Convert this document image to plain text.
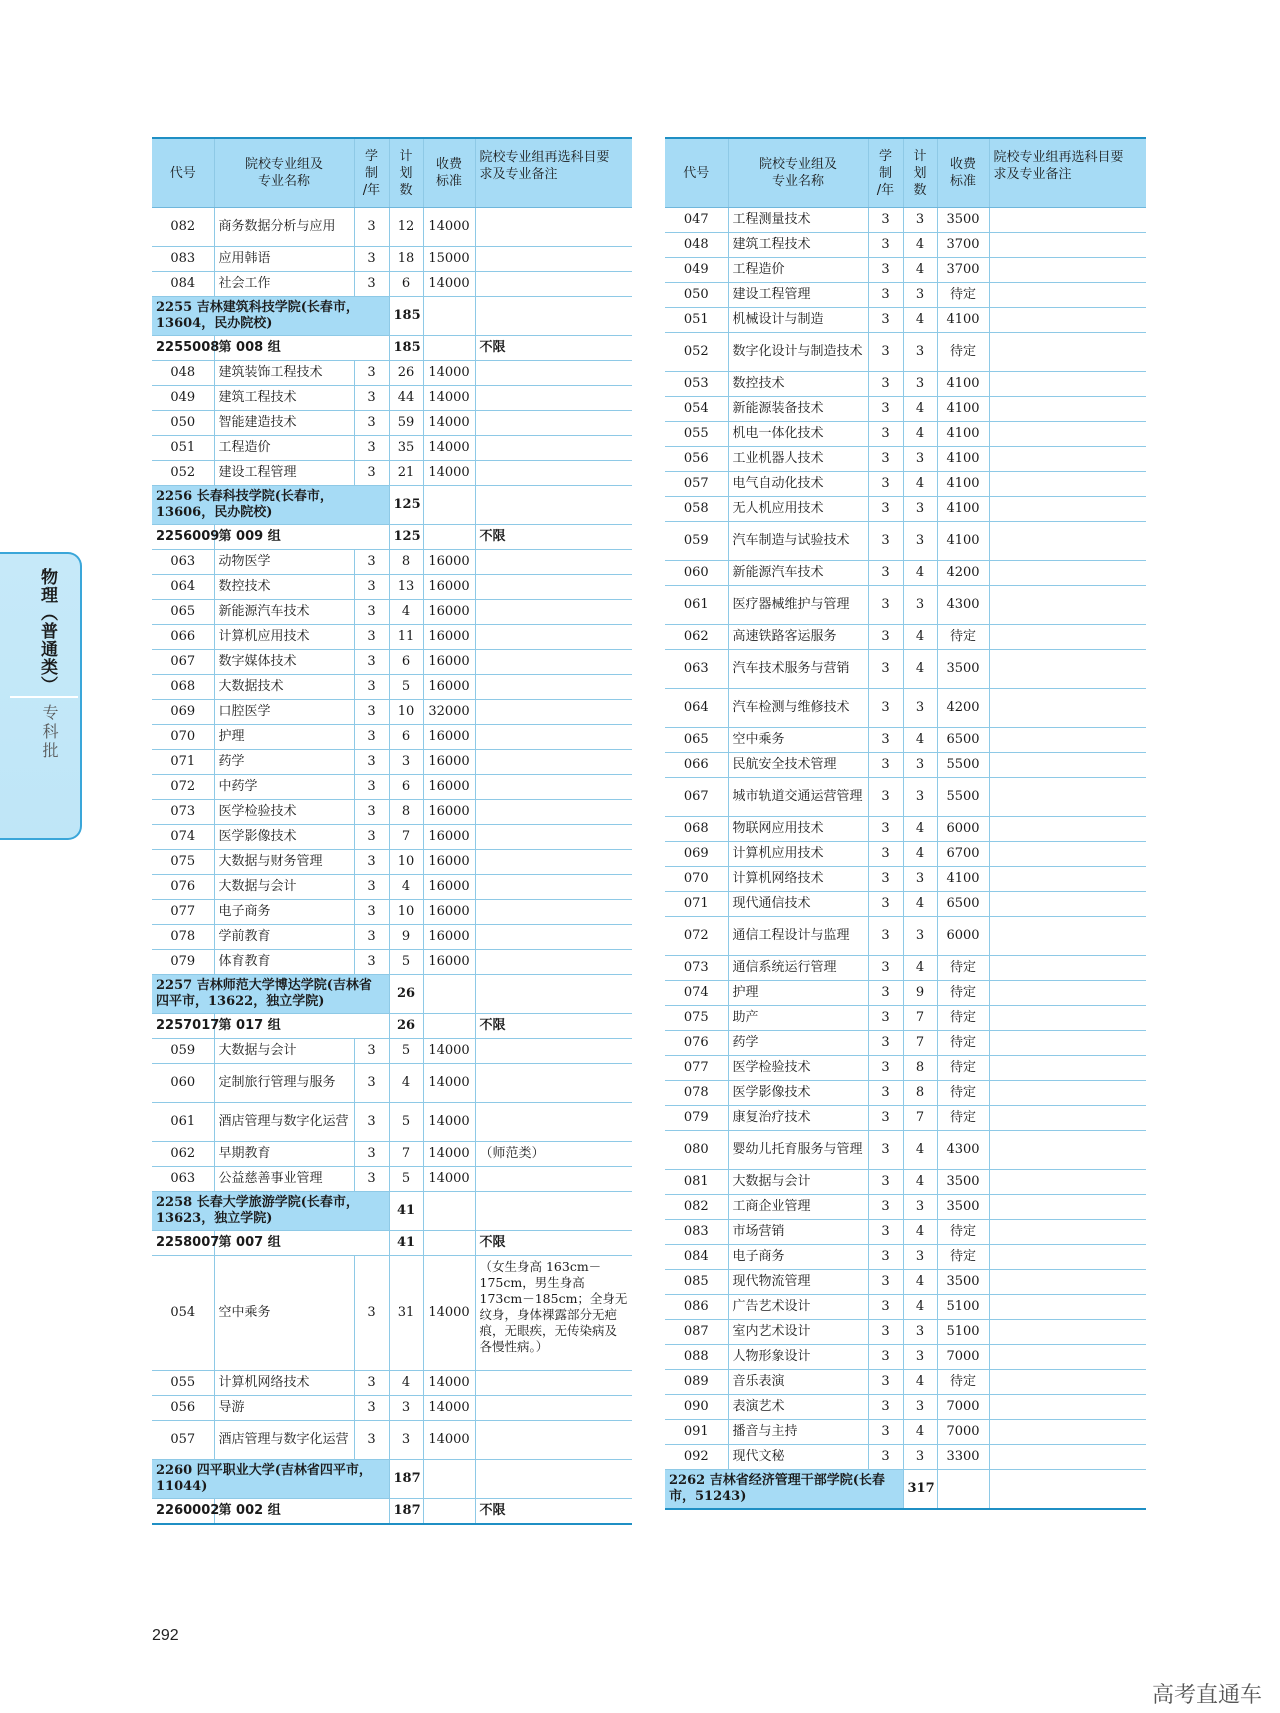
物理（普通类）
专科批
代号	院校专业组及
专业名称	学
制
/年	计
划
数	收费
标准	院校专业组再选科目要
求及专业备注
082	商务数据分析与应用	3	12	14000	
083	应用韩语	3	18	15000	
084	社会工作	3	6	14000	
2255 吉林建筑科技学院(长春市，13604，民办院校)			185		
2255008	第 008 组		185		不限
048	建筑装饰工程技术	3	26	14000	
049	建筑工程技术	3	44	14000	
050	智能建造技术	3	59	14000	
051	工程造价	3	35	14000	
052	建设工程管理	3	21	14000	
2256 长春科技学院(长春市，13606，民办院校)			125		
2256009	第 009 组		125		不限
063	动物医学	3	8	16000	
064	数控技术	3	13	16000	
065	新能源汽车技术	3	4	16000	
066	计算机应用技术	3	11	16000	
067	数字媒体技术	3	6	16000	
068	大数据技术	3	5	16000	
069	口腔医学	3	10	32000	
070	护理	3	6	16000	
071	药学	3	3	16000	
072	中药学	3	6	16000	
073	医学检验技术	3	8	16000	
074	医学影像技术	3	7	16000	
075	大数据与财务管理	3	10	16000	
076	大数据与会计	3	4	16000	
077	电子商务	3	10	16000	
078	学前教育	3	9	16000	
079	体育教育	3	5	16000	
2257 吉林师范大学博达学院(吉林省四平市，13622，独立学院)			26		
2257017	第 017 组		26		不限
059	大数据与会计	3	5	14000	
060	定制旅行管理与服务	3	4	14000	
061	酒店管理与数字化运营	3	5	14000	
062	早期教育	3	7	14000	（师范类）
063	公益慈善事业管理	3	5	14000	
2258 长春大学旅游学院(长春市，13623，独立学院)			41		
2258007	第 007 组		41		不限
054	空中乘务	3	31	14000	（女生身高 163cm－175cm，男生身高 173cm－185cm；全身无纹身，身体裸露部分无疤痕，无眼疾，无传染病及各慢性病。）
055	计算机网络技术	3	4	14000	
056	导游	3	3	14000	
057	酒店管理与数字化运营	3	3	14000	
2260 四平职业大学(吉林省四平市，11044)			187		
2260002	第 002 组		187		不限
代号	院校专业组及
专业名称	学
制
/年	计
划
数	收费
标准	院校专业组再选科目要
求及专业备注
047	工程测量技术	3	3	3500	
048	建筑工程技术	3	4	3700	
049	工程造价	3	4	3700	
050	建设工程管理	3	3	待定	
051	机械设计与制造	3	4	4100	
052	数字化设计与制造技术	3	3	待定	
053	数控技术	3	3	4100	
054	新能源装备技术	3	4	4100	
055	机电一体化技术	3	4	4100	
056	工业机器人技术	3	3	4100	
057	电气自动化技术	3	4	4100	
058	无人机应用技术	3	3	4100	
059	汽车制造与试验技术	3	3	4100	
060	新能源汽车技术	3	4	4200	
061	医疗器械维护与管理	3	3	4300	
062	高速铁路客运服务	3	4	待定	
063	汽车技术服务与营销	3	4	3500	
064	汽车检测与维修技术	3	3	4200	
065	空中乘务	3	4	6500	
066	民航安全技术管理	3	3	5500	
067	城市轨道交通运营管理	3	3	5500	
068	物联网应用技术	3	4	6000	
069	计算机应用技术	3	4	6700	
070	计算机网络技术	3	3	4100	
071	现代通信技术	3	4	6500	
072	通信工程设计与监理	3	3	6000	
073	通信系统运行管理	3	4	待定	
074	护理	3	9	待定	
075	助产	3	7	待定	
076	药学	3	7	待定	
077	医学检验技术	3	8	待定	
078	医学影像技术	3	8	待定	
079	康复治疗技术	3	7	待定	
080	婴幼儿托育服务与管理	3	4	4300	
081	大数据与会计	3	4	3500	
082	工商企业管理	3	3	3500	
083	市场营销	3	4	待定	
084	电子商务	3	3	待定	
085	现代物流管理	3	4	3500	
086	广告艺术设计	3	4	5100	
087	室内艺术设计	3	3	5100	
088	人物形象设计	3	3	7000	
089	音乐表演	3	4	待定	
090	表演艺术	3	3	7000	
091	播音与主持	3	4	7000	
092	现代文秘	3	3	3300	
2262 吉林省经济管理干部学院(长春市，51243)			317		
292
高考直通车
